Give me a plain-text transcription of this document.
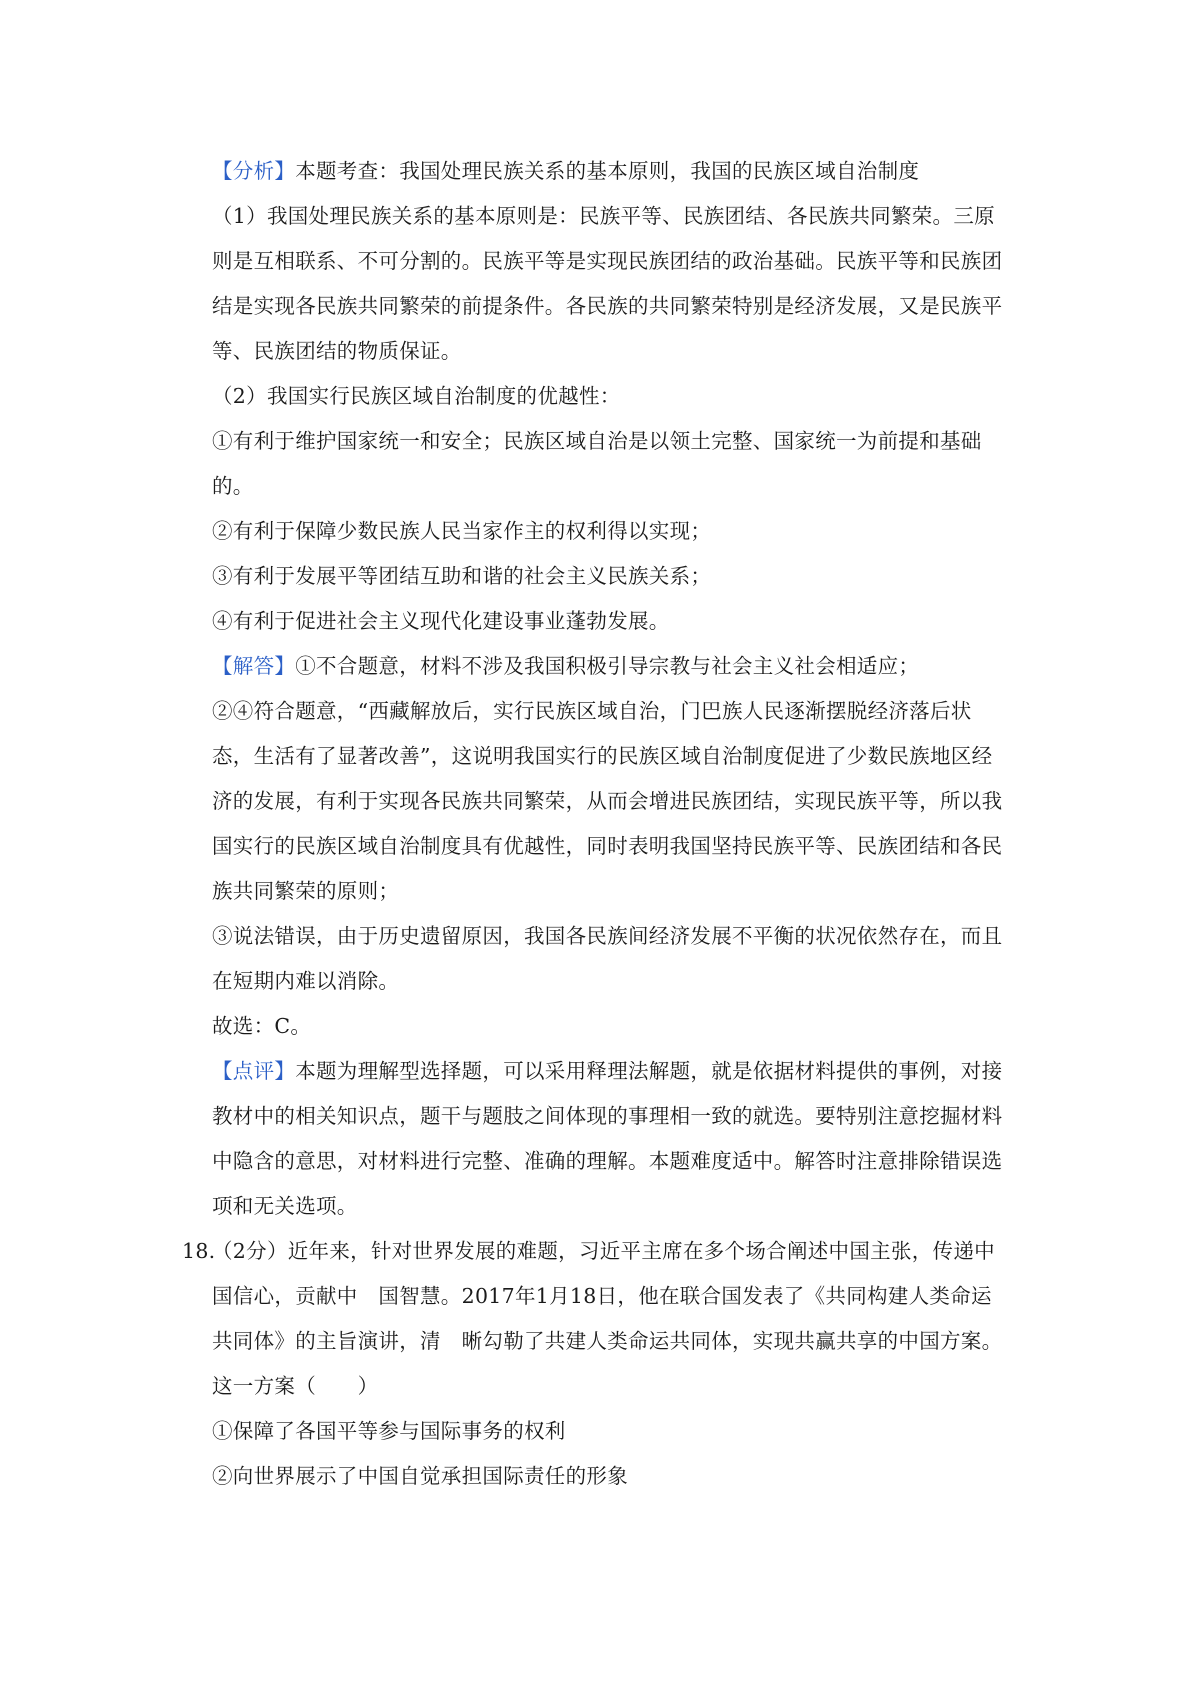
【分析】本题考查：我国处理民族关系的基本原则，我国的民族区域自治制度
（1）我国处理民族关系的基本原则是：民族平等、民族团结、各民族共同繁荣。三原
则是互相联系、不可分割的。民族平等是实现民族团结的政治基础。民族平等和民族团
结是实现各民族共同繁荣的前提条件。各民族的共同繁荣特别是经济发展，又是民族平
等、民族团结的物质保证。
（2）我国实行民族区域自治制度的优越性：
①有利于维护国家统一和安全；民族区域自治是以领土完整、国家统一为前提和基础
的。
②有利于保障少数民族人民当家作主的权利得以实现；
③有利于发展平等团结互助和谐的社会主义民族关系；
④有利于促进社会主义现代化建设事业蓬勃发展。
【解答】①不合题意，材料不涉及我国积极引导宗教与社会主义社会相适应；
②④符合题意，“西藏解放后，实行民族区域自治，门巴族人民逐渐摆脱经济落后状
态，生活有了显著改善”，这说明我国实行的民族区域自治制度促进了少数民族地区经
济的发展，有利于实现各民族共同繁荣，从而会增进民族团结，实现民族平等，所以我
国实行的民族区域自治制度具有优越性，同时表明我国坚持民族平等、民族团结和各民
族共同繁荣的原则；
③说法错误，由于历史遗留原因，我国各民族间经济发展不平衡的状况依然存在，而且
在短期内难以消除。
故选：C。
【点评】本题为理解型选择题，可以采用释理法解题，就是依据材料提供的事例，对接
教材中的相关知识点，题干与题肢之间体现的事理相一致的就选。要特别注意挖掘材料
中隐含的意思，对材料进行完整、准确的理解。本题难度适中。解答时注意排除错误选
项和无关选项。
18.
（2分）近年来，针对世界发展的难题，习近平主席在多个场合阐述中国主张，传递中
国信心，贡献中　国智慧。2017年1月18日，他在联合国发表了《共同构建人类命运
共同体》的主旨演讲，清　晰勾勒了共建人类命运共同体，实现共赢共享的中国方案。
这一方案（　　）
①保障了各国平等参与国际事务的权利
②向世界展示了中国自觉承担国际责任的形象
